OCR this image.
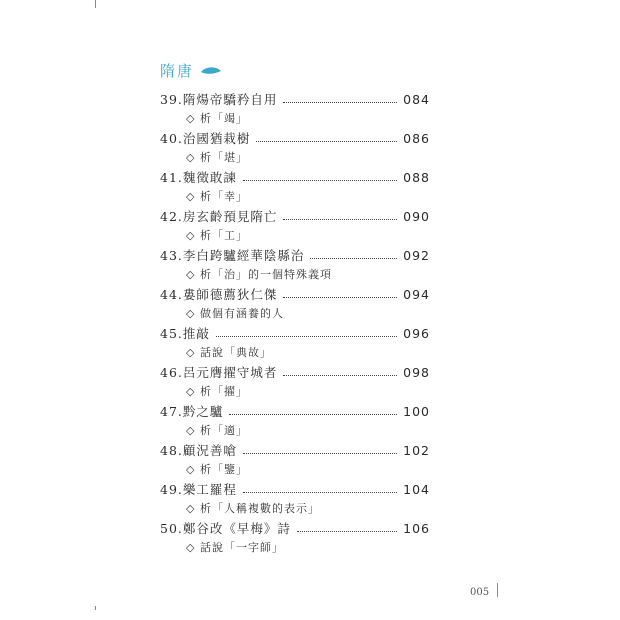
隋唐
39.隋煬帝驕矜自用	084
◇ 析「竭」
40.治國猶栽樹	086
◇ 析「堪」
41.魏徵敢諫	088
◇ 析「幸」
42.房玄齡預見隋亡	090
◇ 析「工」
43.李白跨驢經華陰縣治	092
◇ 析「治」的一個特殊義項
44.婁師德薦狄仁傑	094
◇ 做個有涵養的人
45.推敲	096
◇ 話說「典故」
46.呂元膺擢守城者	098
◇ 析「擢」
47.黔之驢	100
◇ 析「適」
48.顧況善嗆	102
◇ 析「鑒」
49.樂工羅程	104
◇ 析「人稱複數的表示」
50.鄭谷改《早梅》詩	106
◇ 話說「一字師」
005
